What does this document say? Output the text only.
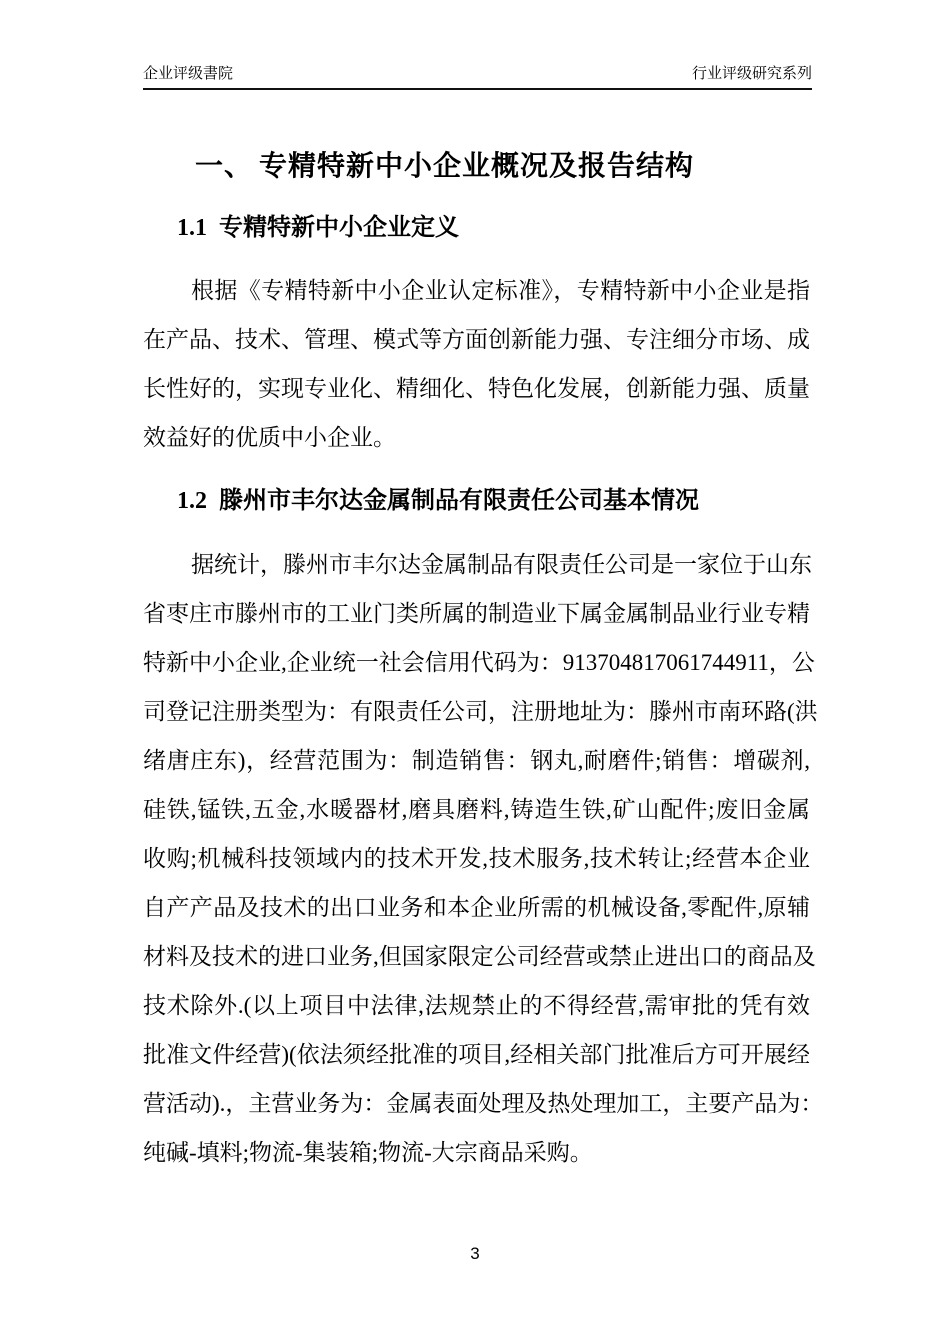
企业评级書院	行业评级研究系列
一、 专精特新中小企业概况及报告结构
1.1 专精特新中小企业定义
根据《专精特新中小企业认定标准》，专精特新中小企业是指
在产品、技术、管理、模式等方面创新能力强、专注细分市场、成
长性好的，实现专业化、精细化、特色化发展，创新能力强、质量
效益好的优质中小企业。
1.2 滕州市丰尔达金属制品有限责任公司基本情况
据统计，滕州市丰尔达金属制品有限责任公司是一家位于山东
省枣庄市滕州市的工业门类所属的制造业下属金属制品业行业专精
特新中小企业,企业统一社会信用代码为：913704817061744911，公
司登记注册类型为：有限责任公司，注册地址为：滕州市南环路(洪
绪唐庄东)，经营范围为：制造销售：钢丸,耐磨件;销售：增碳剂,
硅铁,锰铁,五金,水暖器材,磨具磨料,铸造生铁,矿山配件;废旧金属
收购;机械科技领域内的技术开发,技术服务,技术转让;经营本企业
自产产品及技术的出口业务和本企业所需的机械设备,零配件,原辅
材料及技术的进口业务,但国家限定公司经营或禁止进出口的商品及
技术除外.(以上项目中法律,法规禁止的不得经营,需审批的凭有效
批准文件经营)(依法须经批准的项目,经相关部门批准后方可开展经
营活动).，主营业务为：金属表面处理及热处理加工，主要产品为：
纯碱-填料;物流-集装箱;物流-大宗商品采购。
3
